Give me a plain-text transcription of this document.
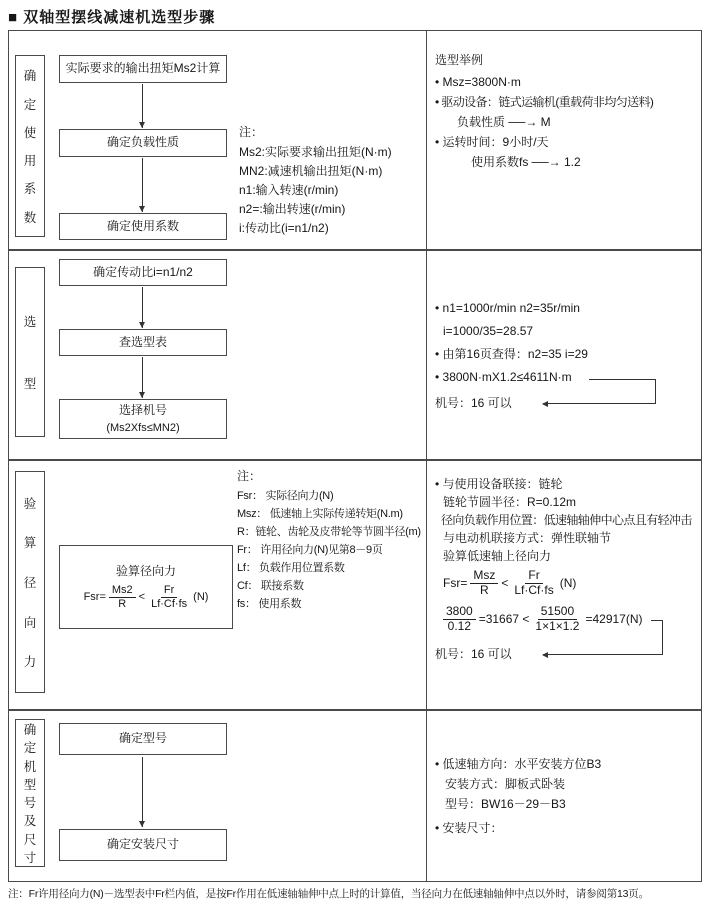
■ 双轴型摆线减速机选型步骤
确
定
使
用
系
数
实际要求的输出扭矩Ms2计算
确定负载性质
确定使用系数
注：
Ms2:实际要求输出扭矩(N·m)
MN2:减速机输出扭矩(N·m)
n1:输入转速(r/min)
n2=:输出转速(r/min)
i:传动比(i=n1/n2)
选型举例
• Msz=3800N·m
• 驱动设备：链式运输机(重载荷非均匀送料)
负载性质 ──→ M
• 运转时间：9小时/天
使用系数fs ──→ 1.2
选
型
确定传动比i=n1/n2
查选型表
选择机号
(Ms2Xfs≤MN2)
• n1=1000r/min n2=35r/min
i=1000/35=28.57
• 由第16页查得：n2=35 i=29
• 3800N·mX1.2≤4611N·m
机号：16 可以
验
算
径
向
力
验算径向力
$Fsr= \frac{Ms2}{R} < \frac{Fr}{Lf\cdot Cf\cdot fs} (N)$
注：
Fsr： 实际径向力(N)
Msz： 低速轴上实际传递转矩(N.m)
R：链轮、齿轮及皮带轮等节圆半径(m)
Fr： 许用径向力(N)见第8－9页
Lf： 负载作用位置系数
Cf： 联接系数
fs： 使用系数
• 与使用设备联接：链轮
链轮节圆半径：R=0.12m
径向负载作用位置：低速轴轴伸中心点且有轻冲击
与电动机联接方式：弹性联轴节
验算低速轴上径向力
$Fsr= \frac{\text{Msz}}{R} < \frac{Fr}{Lf\cdot Cf\cdot fs} (N)$
$\frac{3800}{0.12} =31667 < \frac{51500}{1\times 1\times 1.2} =42917(N)$
机号：16 可以
确
定
机
型
号
及
尺
寸
确定型号
确定安装尺寸
• 低速轴方向：水平安装方位B3
安装方式：脚板式卧装
型号：BW16－29－B3
• 安装尺寸：
注：Fr许用径向力(N)－选型表中Fr栏内值，是按Fr作用在低速轴轴伸中点上时的计算值，当径向力在低速轴轴伸中点以外时，请参阅第13页。
